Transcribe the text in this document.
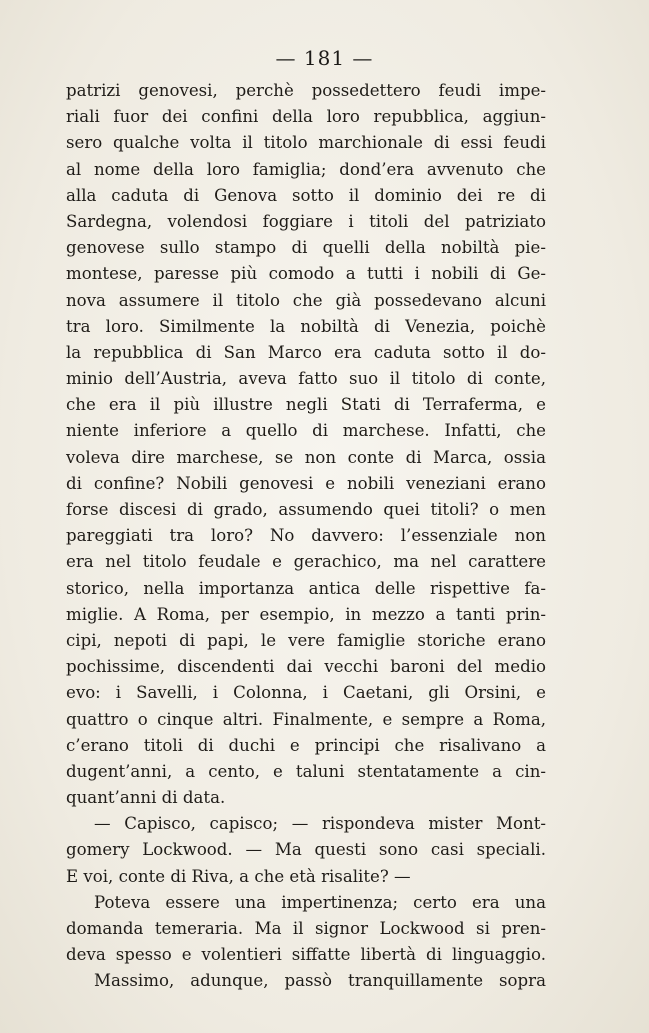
— 181 —
patrizi genovesi, perchè possedettero feudi impe-
riali fuor dei confini della loro repubblica, aggiun-
sero qualche volta il titolo marchionale di essi feudi
al nome della loro famiglia; dond’era avvenuto che
alla caduta di Genova sotto il dominio dei re di
Sardegna, volendosi foggiare i titoli del patriziato
genovese sullo stampo di quelli della nobiltà pie-
montese, paresse più comodo a tutti i nobili di Ge-
nova assumere il titolo che già possedevano alcuni
tra loro. Similmente la nobiltà di Venezia, poichè
la repubblica di San Marco era caduta sotto il do-
minio dell’Austria, aveva fatto suo il titolo di conte,
che era il più illustre negli Stati di Terraferma, e
niente inferiore a quello di marchese. Infatti, che
voleva dire marchese, se non conte di Marca, ossia
di confine? Nobili genovesi e nobili veneziani erano
forse discesi di grado, assumendo quei titoli? o men
pareggiati tra loro? No davvero: l’essenziale non
era nel titolo feudale e gerachico, ma nel carattere
storico, nella importanza antica delle rispettive fa-
miglie. A Roma, per esempio, in mezzo a tanti prin-
cipi, nepoti di papi, le vere famiglie storiche erano
pochissime, discendenti dai vecchi baroni del medio
evo: i Savelli, i Colonna, i Caetani, gli Orsini, e
quattro o cinque altri. Finalmente, e sempre a Roma,
c’erano titoli di duchi e principi che risalivano a
dugent’anni, a cento, e taluni stentatamente a cin-
quant’anni di data.
— Capisco, capisco; — rispondeva mister Mont-
gomery Lockwood. — Ma questi sono casi speciali.
E voi, conte di Riva, a che età risalite? —
Poteva essere una impertinenza; certo era una
domanda temeraria. Ma il signor Lockwood si pren-
deva spesso e volentieri siffatte libertà di linguaggio.
Massimo, adunque, passò tranquillamente sopra
